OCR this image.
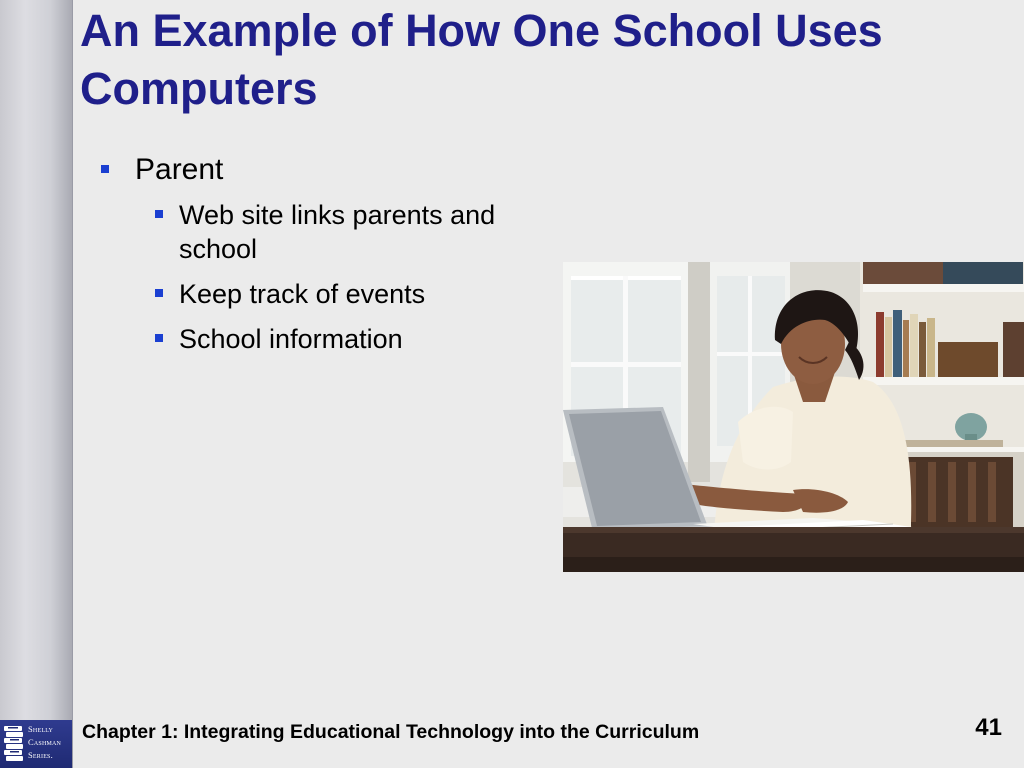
Shelly
Cashman
Series.
An Example of How One School Uses Computers
Parent
Web site links parents and school
Keep track of events
School information
Chapter 1: Integrating Educational Technology into the Curriculum	41
